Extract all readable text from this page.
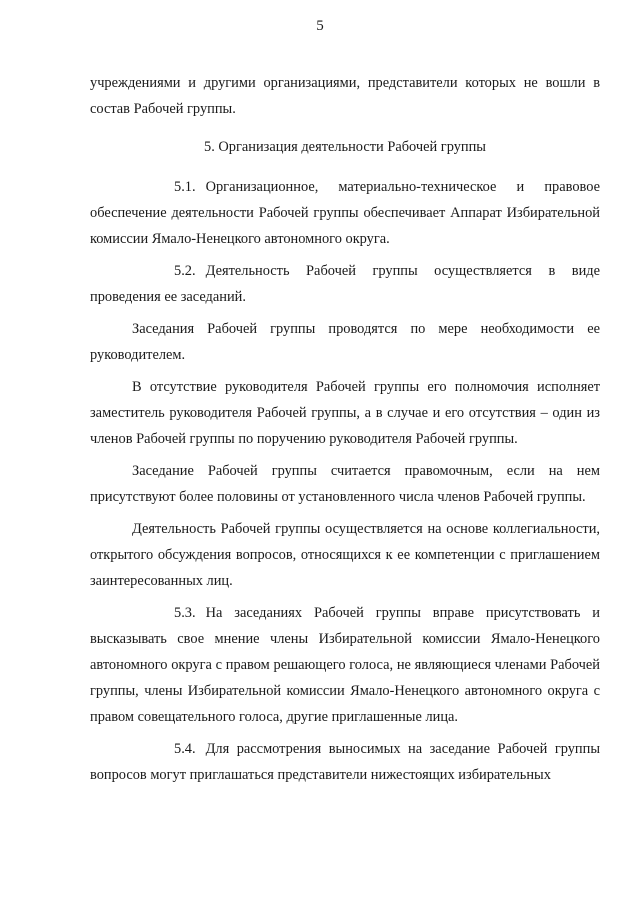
5

учреждениями и другими организациями, представители которых не вошли в состав Рабочей группы.

5. Организация деятельности Рабочей группы

5.1. Организационное, материально-техническое и правовое обеспечение деятельности Рабочей группы обеспечивает Аппарат Избирательной комиссии Ямало-Ненецкого автономного округа.

5.2. Деятельность Рабочей группы осуществляется в виде проведения ее заседаний.

Заседания Рабочей группы проводятся по мере необходимости ее руководителем.

В отсутствие руководителя Рабочей группы его полномочия исполняет заместитель руководителя Рабочей группы, а в случае и его отсутствия – один из членов Рабочей группы по поручению руководителя Рабочей группы.

Заседание Рабочей группы считается правомочным, если на нем присутствуют более половины от установленного числа членов Рабочей группы.

Деятельность Рабочей группы осуществляется на основе коллегиальности, открытого обсуждения вопросов, относящихся к ее компетенции с приглашением заинтересованных лиц.

5.3. На заседаниях Рабочей группы вправе присутствовать и высказывать свое мнение члены Избирательной комиссии Ямало-Ненецкого автономного округа с правом решающего голоса, не являющиеся членами Рабочей группы, члены Избирательной комиссии Ямало-Ненецкого автономного округа с правом совещательного голоса, другие приглашенные лица.

5.4. Для рассмотрения выносимых на заседание Рабочей группы вопросов могут приглашаться представители нижестоящих избирательных
